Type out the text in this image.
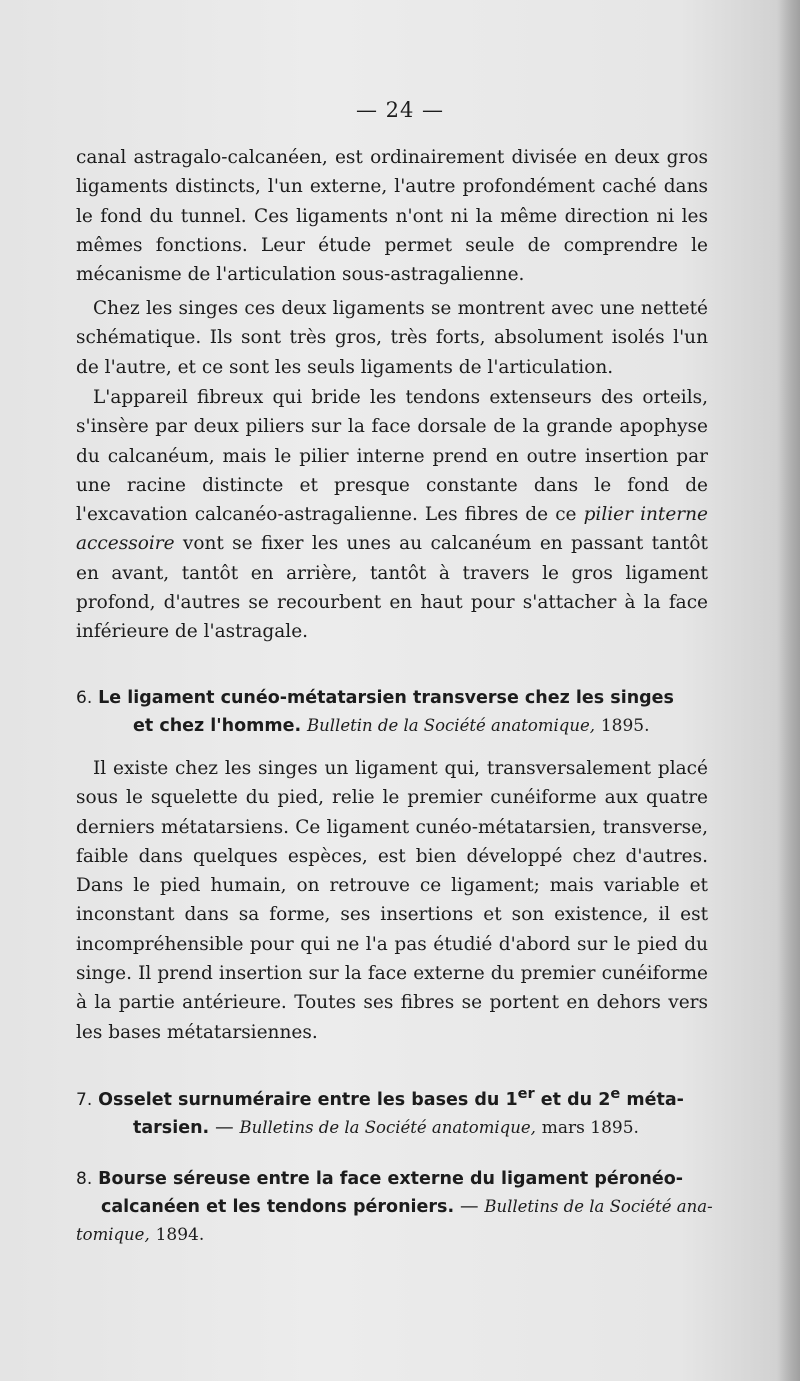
— 24 —

canal astragalo-calcanéen, est ordinairement divisée en deux gros ligaments distincts, l'un externe, l'autre profondément caché dans le fond du tunnel. Ces ligaments n'ont ni la même direction ni les mêmes fonctions. Leur étude permet seule de comprendre le mécanisme de l'articulation sous-astragalienne.

Chez les singes ces deux ligaments se montrent avec une netteté schématique. Ils sont très gros, très forts, absolument isolés l'un de l'autre, et ce sont les seuls ligaments de l'articulation.

L'appareil fibreux qui bride les tendons extenseurs des orteils, s'insère par deux piliers sur la face dorsale de la grande apophyse du calcanéum, mais le pilier interne prend en outre insertion par une racine distincte et presque constante dans le fond de l'excavation calcanéo-astragalienne. Les fibres de ce pilier interne accessoire vont se fixer les unes au calcanéum en passant tantôt en avant, tantôt en arrière, tantôt à travers le gros ligament profond, d'autres se recourbent en haut pour s'attacher à la face inférieure de l'astragale.

6. Le ligament cunéo-métatarsien transverse chez les singes
et chez l'homme. Bulletin de la Société anatomique, 1895.

Il existe chez les singes un ligament qui, transversalement placé sous le squelette du pied, relie le premier cunéiforme aux quatre derniers métatarsiens. Ce ligament cunéo-métatarsien, transverse, faible dans quelques espèces, est bien développé chez d'autres. Dans le pied humain, on retrouve ce ligament; mais variable et inconstant dans sa forme, ses insertions et son existence, il est incompréhensible pour qui ne l'a pas étudié d'abord sur le pied du singe. Il prend insertion sur la face externe du premier cunéiforme à la partie antérieure. Toutes ses fibres se portent en dehors vers les bases métatarsiennes.

7. Osselet surnuméraire entre les bases du 1er et du 2e méta-
tarsien. — Bulletins de la Société anatomique, mars 1895.
8. Bourse séreuse entre la face externe du ligament péronéo-
calcanéen et les tendons péroniers. — Bulletins de la Société ana-
tomique, 1894.
